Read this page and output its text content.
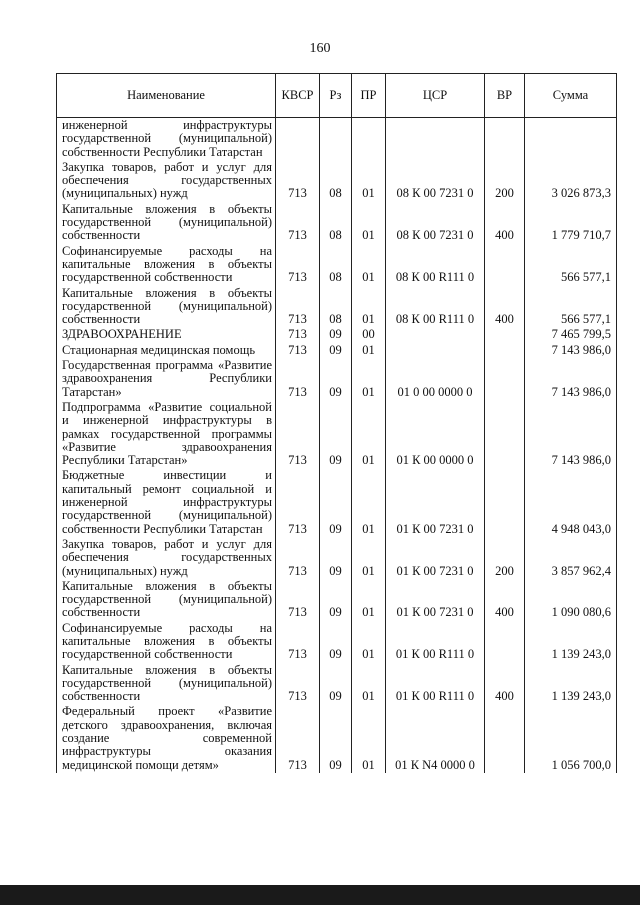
160
Наименование	КВСР	Рз	ПР	ЦСР	ВР	Сумма
инженерной инфраструктуры государственной (муниципальной) собственности Республики Татарстан						
Закупка товаров, работ и услуг для обеспечения государственных (муниципальных) нужд	713	08	01	08 К 00 7231 0	200	3 026 873,3
Капитальные вложения в объекты государственной (муниципальной) собственности	713	08	01	08 К 00 7231 0	400	1 779 710,7
Софинансируемые расходы на капитальные вложения в объекты государственной собственности	713	08	01	08 К 00 R111 0		566 577,1
Капитальные вложения в объекты государственной (муниципальной) собственности	713	08	01	08 К 00 R111 0	400	566 577,1
ЗДРАВООХРАНЕНИЕ	713	09	00			7 465 799,5
Стационарная медицинская помощь	713	09	01			7 143 986,0
Государственная программа «Развитие здравоохранения Республики Татарстан»	713	09	01	01 0 00 0000 0		7 143 986,0
Подпрограмма «Развитие социальной и инженерной инфраструктуры в рамках государственной программы «Развитие здравоохранения Республики Татарстан»	713	09	01	01 К 00 0000 0		7 143 986,0
Бюджетные инвестиции и капитальный ремонт социальной и инженерной инфраструктуры государственной (муниципальной) собственности Республики Татарстан	713	09	01	01 К 00 7231 0		4 948 043,0
Закупка товаров, работ и услуг для обеспечения государственных (муниципальных) нужд	713	09	01	01 К 00 7231 0	200	3 857 962,4
Капитальные вложения в объекты государственной (муниципальной) собственности	713	09	01	01 К 00 7231 0	400	1 090 080,6
Софинансируемые расходы на капитальные вложения в объекты государственной собственности	713	09	01	01 К 00 R111 0		1 139 243,0
Капитальные вложения в объекты государственной (муниципальной) собственности	713	09	01	01 К 00 R111 0	400	1 139 243,0
Федеральный проект «Развитие детского здравоохранения, включая создание современной инфраструктуры оказания медицинской помощи детям»	713	09	01	01 К N4 0000 0		1 056 700,0
